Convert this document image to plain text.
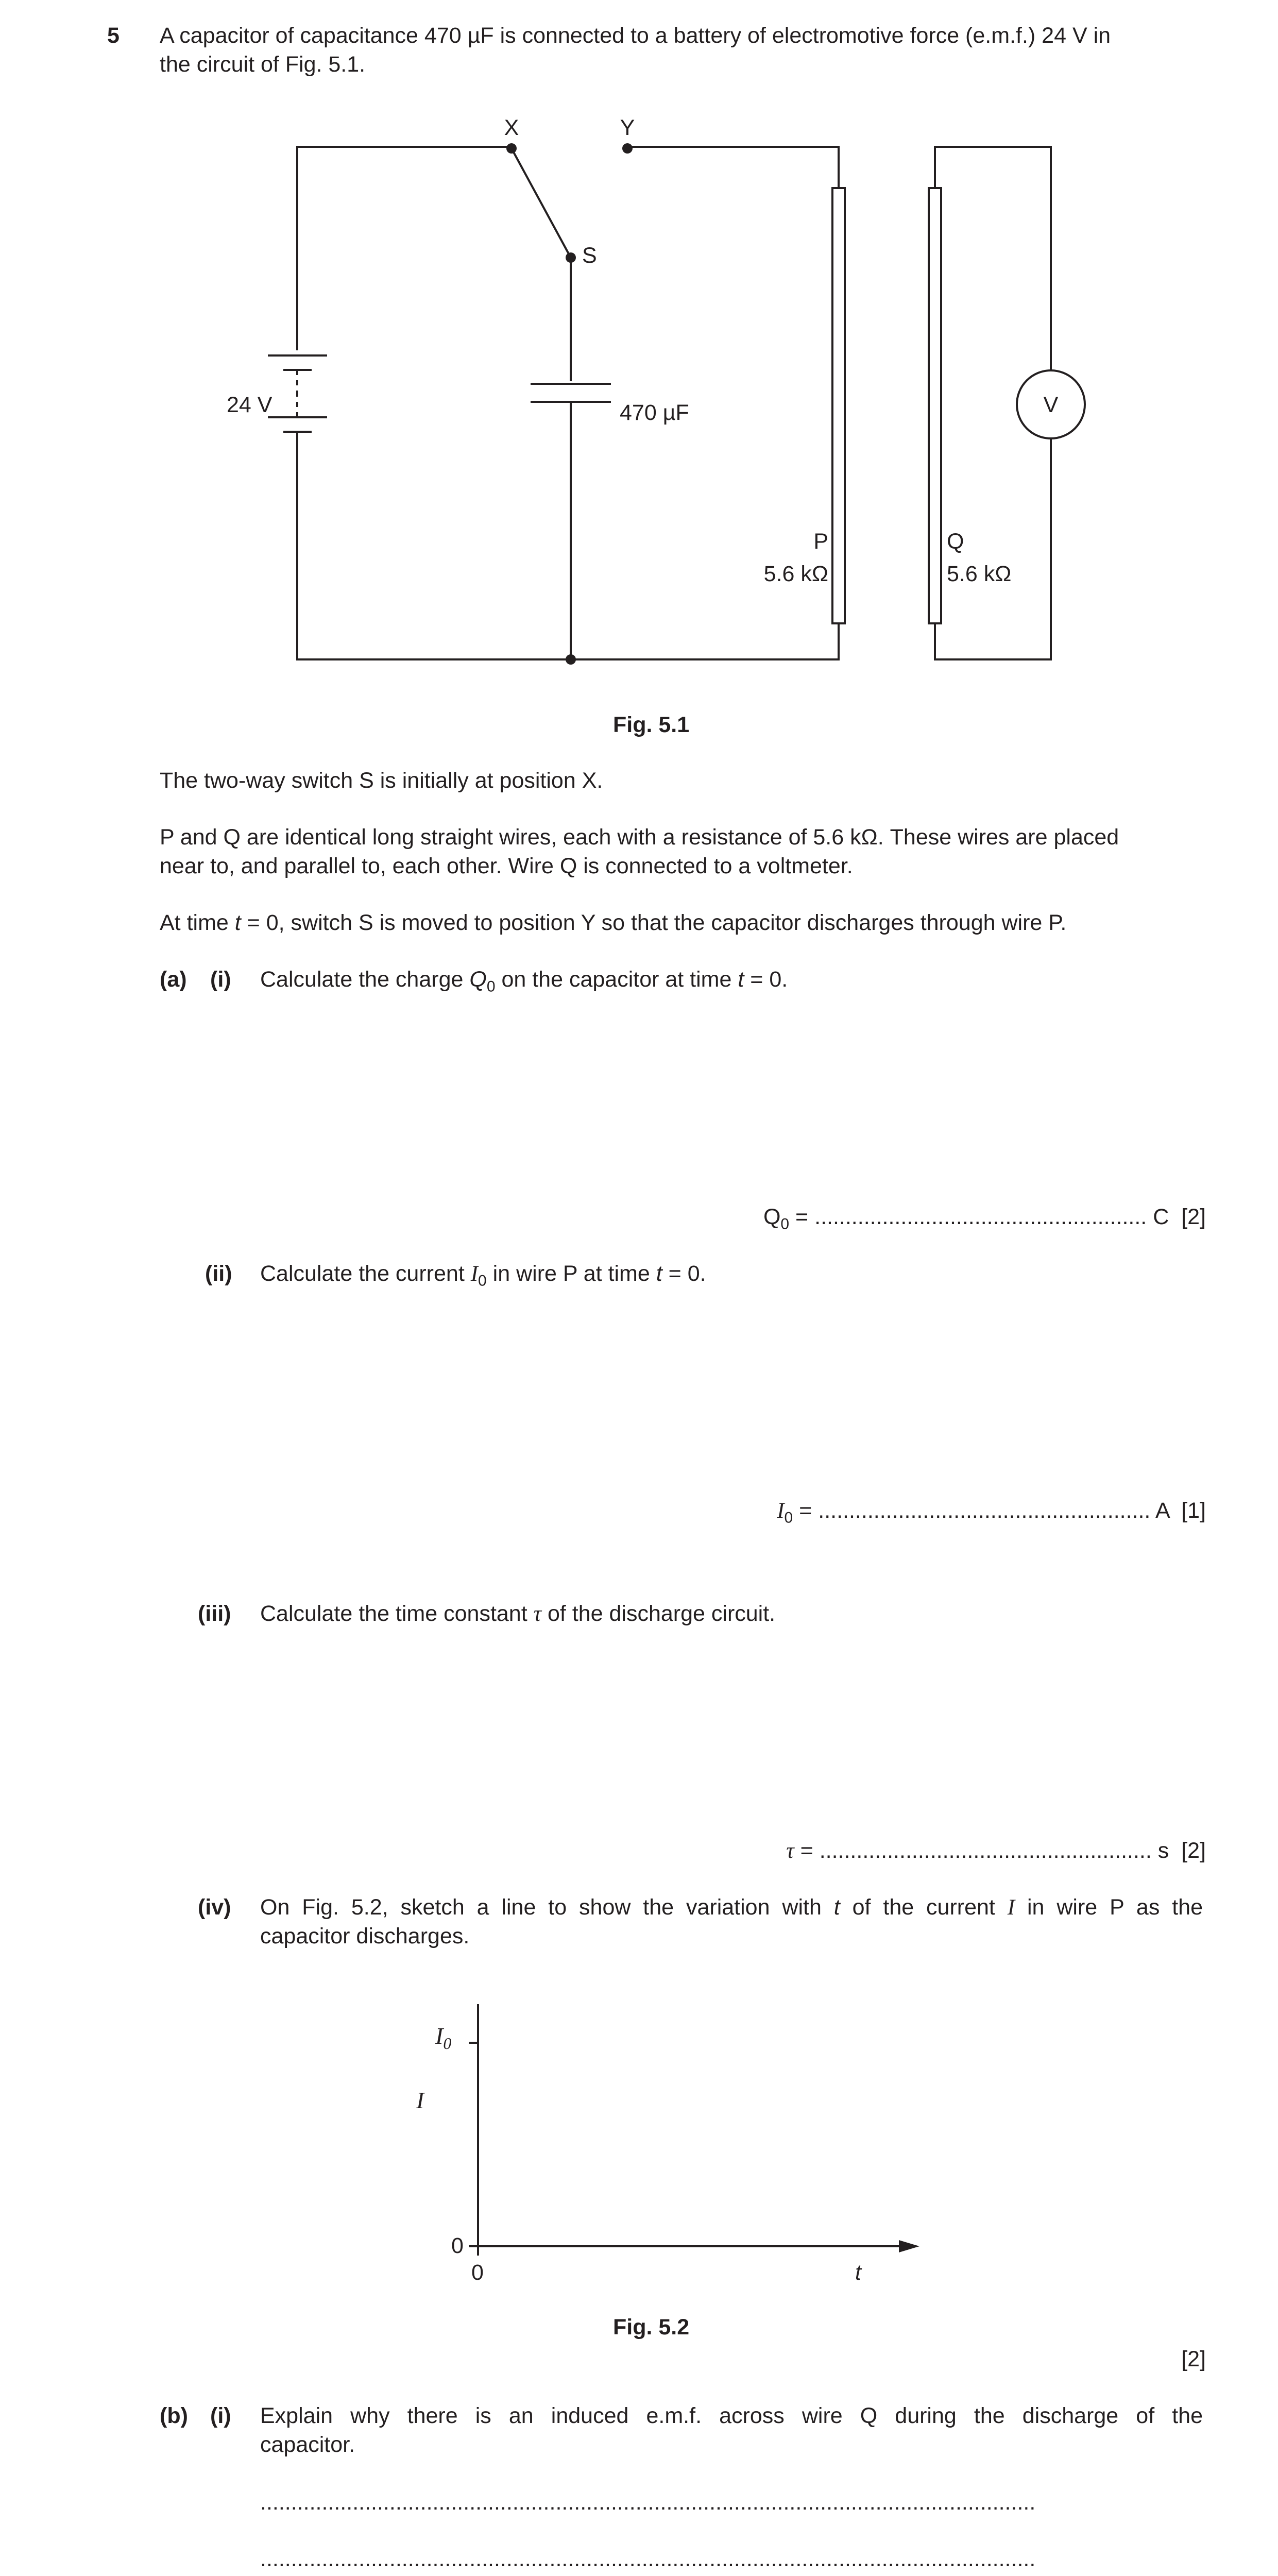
5 A capacitor of capacitance 470 µF is connected to a battery of electromotive force (e.m.f.) 24 V in
the circuit of Fig. 5.1.
X	Y
S
24 V	470 µF
P
5.6 kΩ
Q
5.6 kΩ
V
Fig. 5.1
The two-way switch S is initially at position X.
P and Q are identical long straight wires, each with a resistance of 5.6 kΩ. These wires are placed
near to, and parallel to, each other. Wire Q is connected to a voltmeter.
At time t = 0, switch S is moved to position Y so that the capacitor discharges through wire P.
(a) (i) Calculate the charge $Q_0$ on the capacitor at time t = 0.
$Q_0$ = ...................................................... C [2]
(ii) Calculate the current $I_0$ in wire P at time t = 0.
$I_0$ = ...................................................... A [1]
(iii) Calculate the time constant τ of the discharge circuit.
τ = ...................................................... s [2]
(iv) On Fig. 5.2, sketch a line to show the variation with t of the current I in wire P as the
capacitor discharges.
$I_0$
I
0
0	t
Fig. 5.2
[2]
(b) (i) Explain why there is an induced e.m.f. across wire Q during the discharge of the
capacitor.
..............................................................................................................................
..............................................................................................................................
